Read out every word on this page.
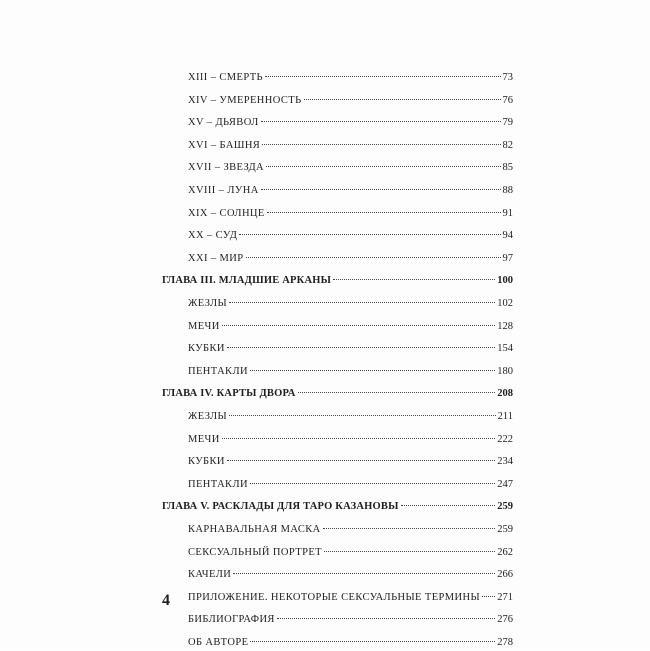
XIII – СМЕРТЬ	73
XIV – УМЕРЕННОСТЬ	76
XV – ДЬЯВОЛ	79
XVI – БАШНЯ	82
XVII – ЗВЕЗДА	85
XVIII – ЛУНА	88
XIX – СОЛНЦЕ	91
XX – СУД	94
XXI – МИР	97
ГЛАВА III. МЛАДШИЕ АРКАНЫ	100
ЖЕЗЛЫ	102
МЕЧИ	128
КУБКИ	154
ПЕНТАКЛИ	180
ГЛАВА IV. КАРТЫ ДВОРА	208
ЖЕЗЛЫ	211
МЕЧИ	222
КУБКИ	234
ПЕНТАКЛИ	247
ГЛАВА V. РАСКЛАДЫ ДЛЯ ТАРО КАЗАНОВЫ	259
КАРНАВАЛЬНАЯ МАСКА	259
СЕКСУАЛЬНЫЙ ПОРТРЕТ	262
КАЧЕЛИ	266
ПРИЛОЖЕНИЕ. НЕКОТОРЫЕ СЕКСУАЛЬНЫЕ ТЕРМИНЫ 271
БИБЛИОГРАФИЯ	276
ОБ АВТОРЕ	278
4
